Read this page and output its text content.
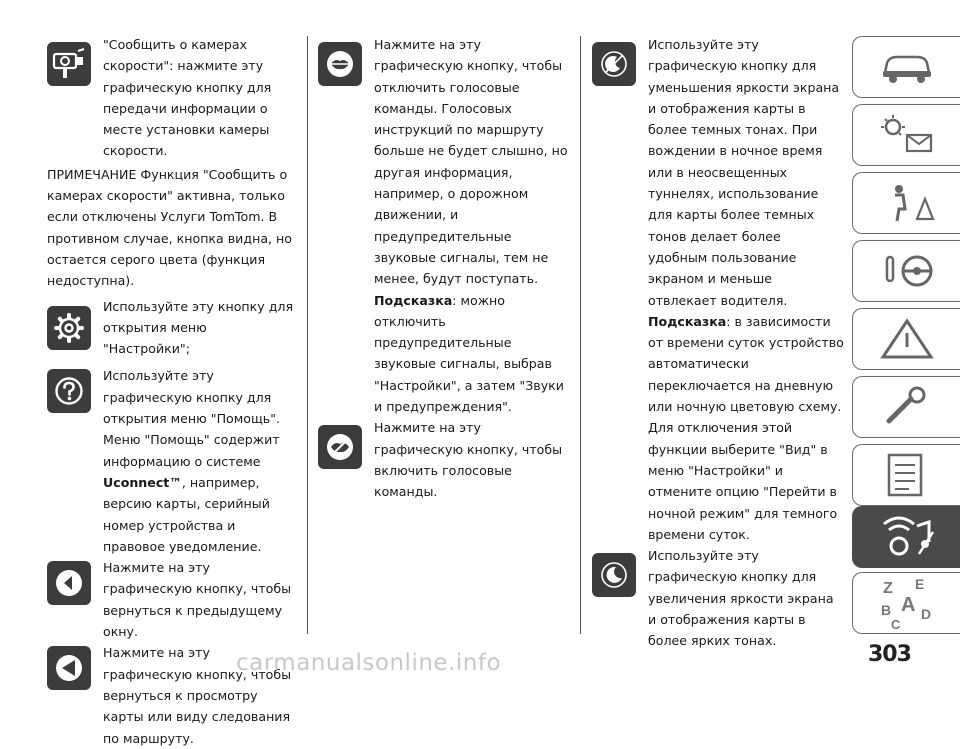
"Сообщить о камерах скорости": нажмите эту графическую кнопку для передачи информации о месте установки камеры скорости.
ПРИМЕЧАНИЕ Функция "Сообщить о камерах скорости" активна, только если отключены Услуги TomTom. В противном случае, кнопка видна, но остается серого цвета (функция недоступна).
Используйте эту кнопку для открытия меню "Настройки";
Используйте эту графическую кнопку для открытия меню "Помощь". Меню "Помощь" содержит информацию о системе Uconnect™, например, версию карты, серийный номер устройства и правовое уведомление.
Нажмите на эту графическую кнопку, чтобы вернуться к предыдущему окну.
Нажмите на эту графическую кнопку, чтобы вернуться к просмотру карты или виду следования по маршруту.
Нажмите на эту графическую кнопку, чтобы отключить голосовые команды. Голосовых инструкций по маршруту больше не будет слышно, но другая информация, например, о дорожном движении, и предупредительные звуковые сигналы, тем не менее, будут поступать. Подсказка: можно отключить предупредительные звуковые сигналы, выбрав "Настройки", а затем "Звуки и предупреждения".
Нажмите на эту графическую кнопку, чтобы включить голосовые команды.
Используйте эту графическую кнопку для уменьшения яркости экрана и отображения карты в более темных тонах. При вождении в ночное время или в неосвещенных туннелях, использование для карты более темных тонов делает более удобным пользование экраном и меньше отвлекает водителя. Подсказка: в зависимости от времени суток устройство автоматически переключается на дневную или ночную цветовую схему. Для отключения этой функции выберите "Вид" в меню "Настройки" и отмените опцию "Перейти в ночной режим" для темного времени суток.
Используйте эту графическую кнопку для увеличения яркости экрана и отображения карты в более ярких тонах.
Z E
A
B D
C
303
carmanualsonline.info
